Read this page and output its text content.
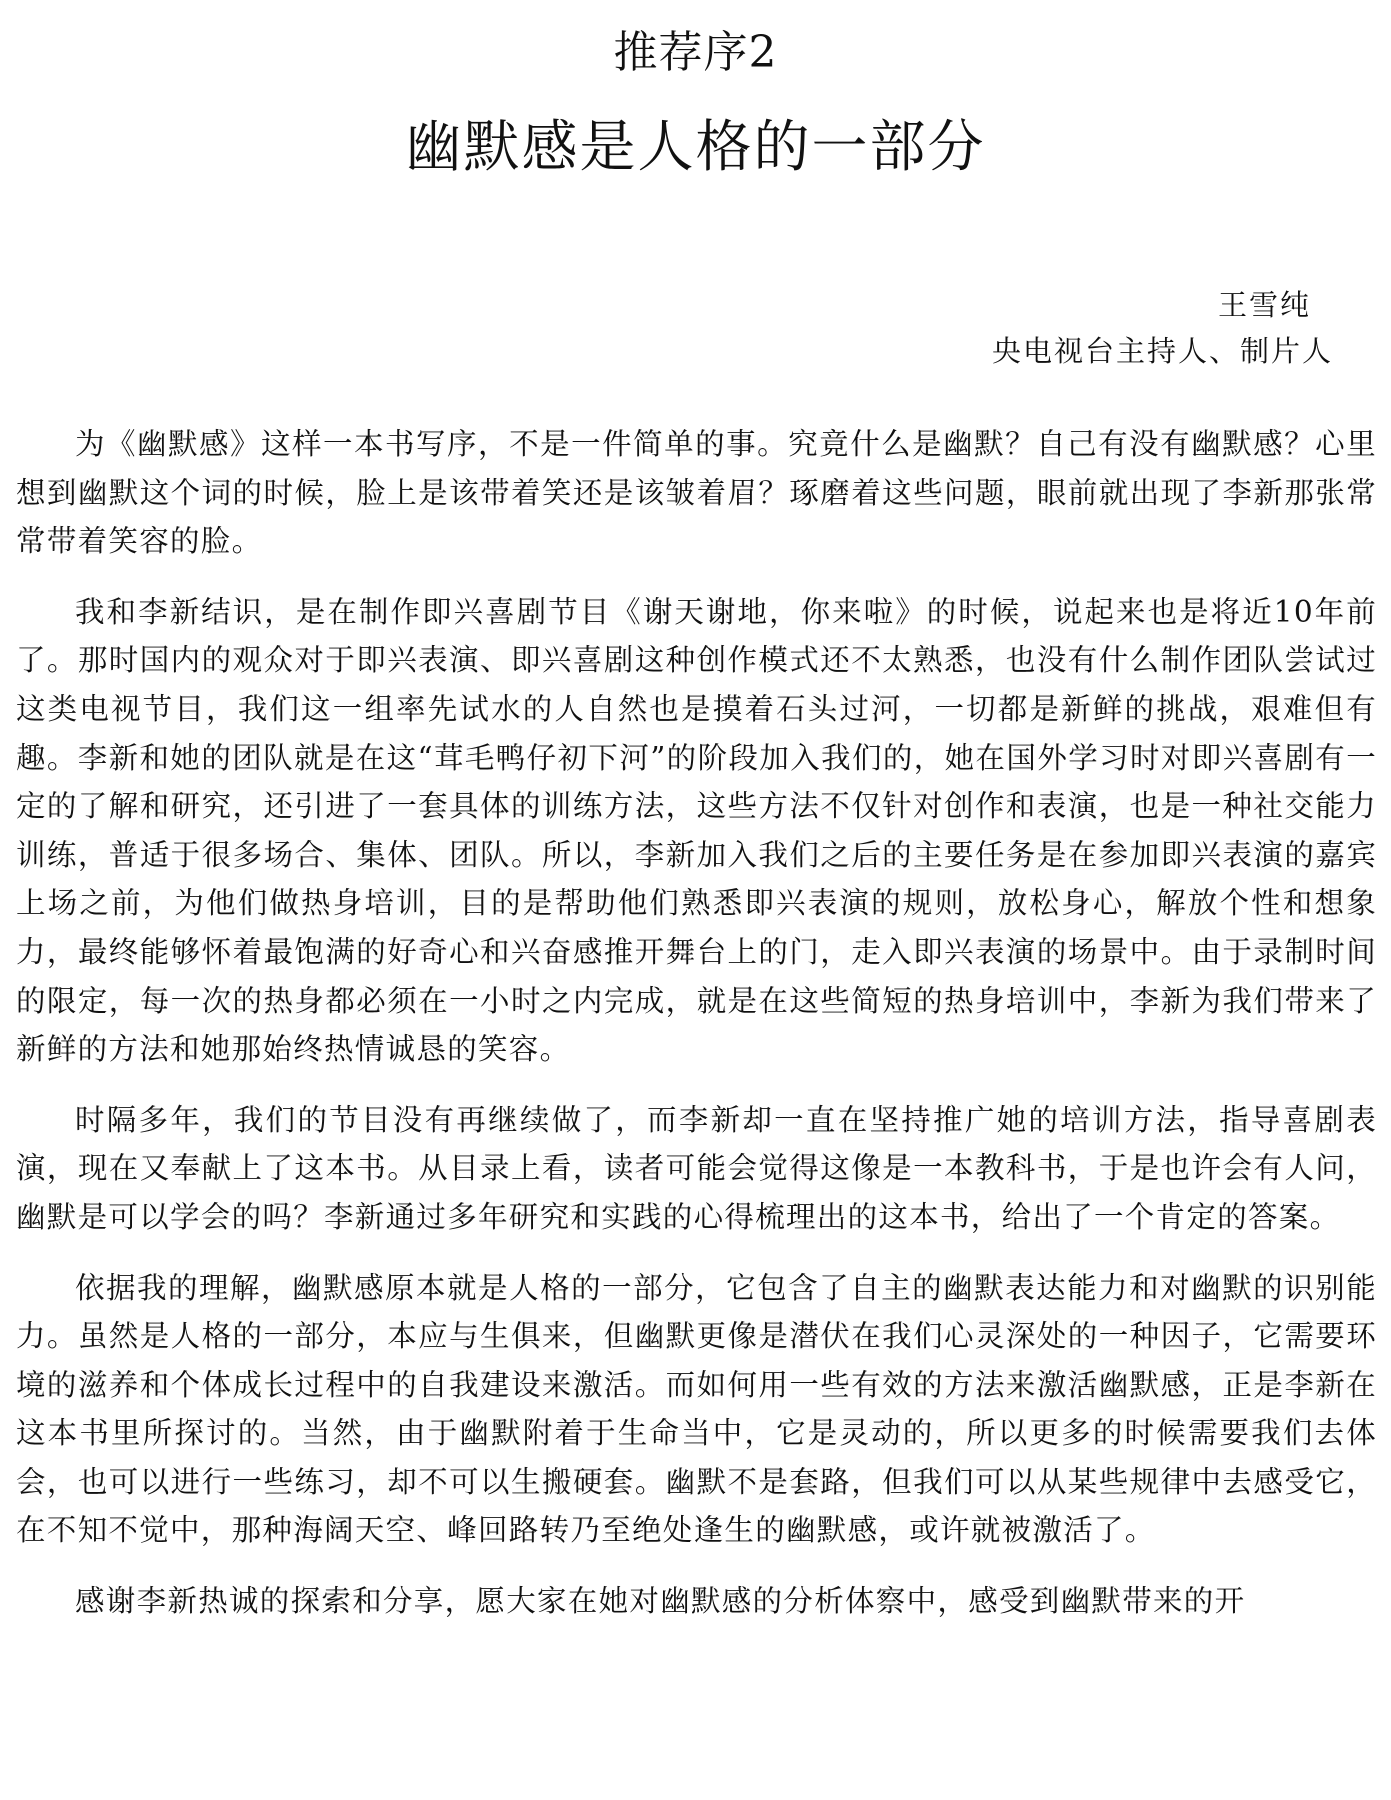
推荐序2
幽默感是人格的一部分
王雪纯
央电视台主持人、制片人

为《幽默感》这样一本书写序，不是一件简单的事。究竟什么是幽默？自己有没有幽默感？心里想到幽默这个词的时候，脸上是该带着笑还是该皱着眉？琢磨着这些问题，眼前就出现了李新那张常常带着笑容的脸。

我和李新结识，是在制作即兴喜剧节目《谢天谢地，你来啦》的时候，说起来也是将近10年前了。那时国内的观众对于即兴表演、即兴喜剧这种创作模式还不太熟悉，也没有什么制作团队尝试过这类电视节目，我们这一组率先试水的人自然也是摸着石头过河，一切都是新鲜的挑战，艰难但有趣。李新和她的团队就是在这“茸毛鸭仔初下河”的阶段加入我们的，她在国外学习时对即兴喜剧有一定的了解和研究，还引进了一套具体的训练方法，这些方法不仅针对创作和表演，也是一种社交能力训练，普适于很多场合、集体、团队。所以，李新加入我们之后的主要任务是在参加即兴表演的嘉宾上场之前，为他们做热身培训，目的是帮助他们熟悉即兴表演的规则，放松身心，解放个性和想象力，最终能够怀着最饱满的好奇心和兴奋感推开舞台上的门，走入即兴表演的场景中。由于录制时间的限定，每一次的热身都必须在一小时之内完成，就是在这些简短的热身培训中，李新为我们带来了新鲜的方法和她那始终热情诚恳的笑容。

时隔多年，我们的节目没有再继续做了，而李新却一直在坚持推广她的培训方法，指导喜剧表演，现在又奉献上了这本书。从目录上看，读者可能会觉得这像是一本教科书，于是也许会有人问，幽默是可以学会的吗？李新通过多年研究和实践的心得梳理出的这本书，给出了一个肯定的答案。

依据我的理解，幽默感原本就是人格的一部分，它包含了自主的幽默表达能力和对幽默的识别能力。虽然是人格的一部分，本应与生俱来，但幽默更像是潜伏在我们心灵深处的一种因子，它需要环境的滋养和个体成长过程中的自我建设来激活。而如何用一些有效的方法来激活幽默感，正是李新在这本书里所探讨的。当然，由于幽默附着于生命当中，它是灵动的，所以更多的时候需要我们去体会，也可以进行一些练习，却不可以生搬硬套。幽默不是套路，但我们可以从某些规律中去感受它，在不知不觉中，那种海阔天空、峰回路转乃至绝处逢生的幽默感，或许就被激活了。

感谢李新热诚的探索和分享，愿大家在她对幽默感的分析体察中，感受到幽默带来的开
